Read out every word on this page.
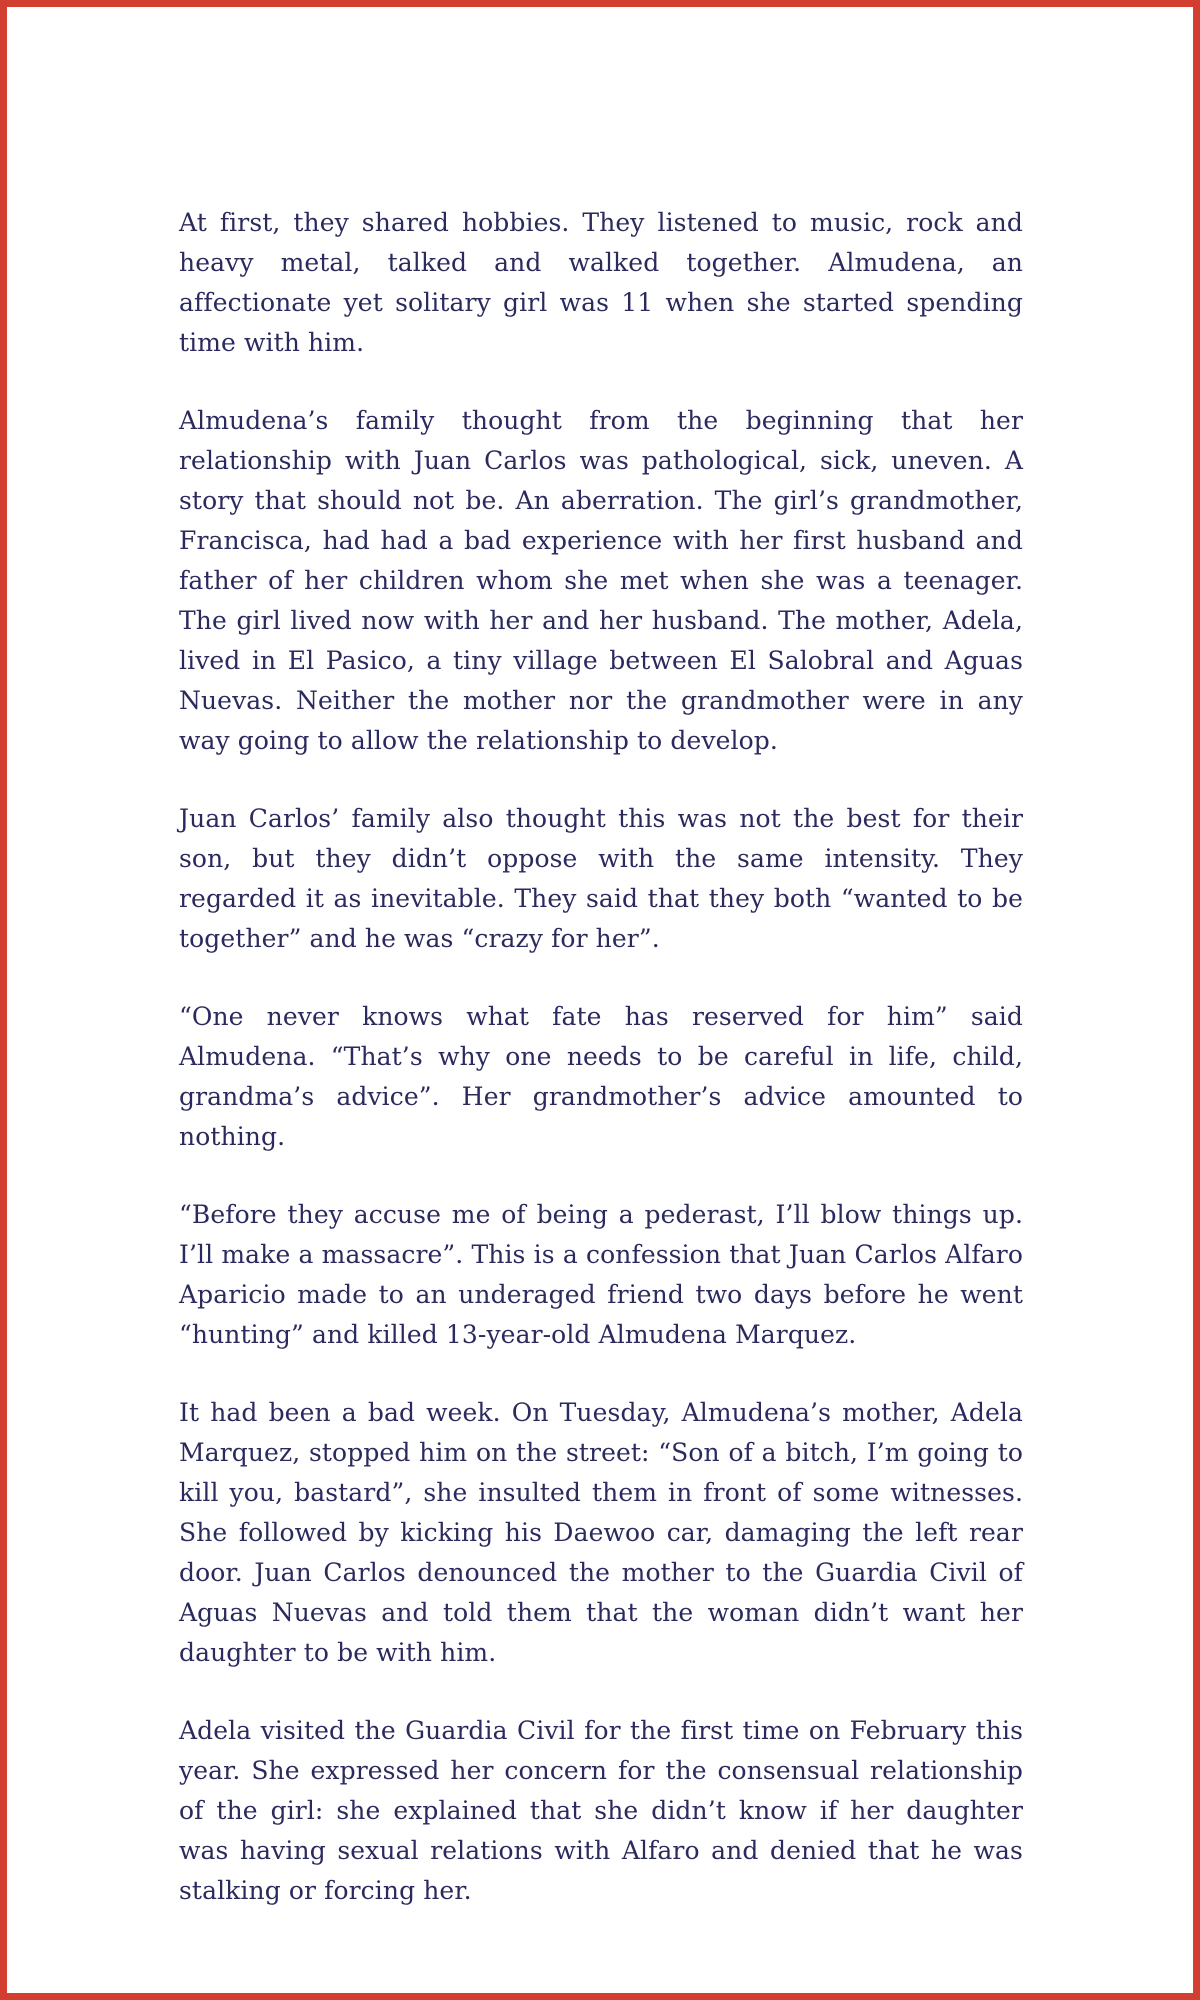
At first, they shared hobbies. They listened to music, rock and heavy metal, talked and walked together. Almudena, an affectionate yet solitary girl was 11 when she started spending time with him.

Almudena’s family thought from the beginning that her relationship with Juan Carlos was pathological, sick, uneven. A story that should not be. An aberration. The girl’s grandmother, Francisca, had had a bad experience with her first husband and father of her children whom she met when she was a teenager. The girl lived now with her and her husband. The mother, Adela, lived in El Pasico, a tiny village between El Salobral and Aguas Nuevas. Neither the mother nor the grandmother were in any way going to allow the relationship to develop.

Juan Carlos’ family also thought this was not the best for their son, but they didn’t oppose with the same intensity. They regarded it as inevitable. They said that they both “wanted to be together” and he was “crazy for her”.

“One never knows what fate has reserved for him” said Almudena. “That’s why one needs to be careful in life, child, grandma’s advice”. Her grandmother’s advice amounted to nothing.

“Before they accuse me of being a pederast, I’ll blow things up. I’ll make a massacre”. This is a confession that Juan Carlos Alfaro Aparicio made to an underaged friend two days before he went “hunting” and killed 13-year-old Almudena Marquez.

It had been a bad week. On Tuesday, Almudena’s mother, Adela Marquez, stopped him on the street: “Son of a bitch, I’m going to kill you, bastard”, she insulted them in front of some witnesses. She followed by kicking his Daewoo car, damaging the left rear door. Juan Carlos denounced the mother to the Guardia Civil of Aguas Nuevas and told them that the woman didn’t want her daughter to be with him.

Adela visited the Guardia Civil for the first time on February this year. She expressed her concern for the consensual relationship of the girl: she explained that she didn’t know if her daughter was having sexual relations with Alfaro and denied that he was stalking or forcing her.
